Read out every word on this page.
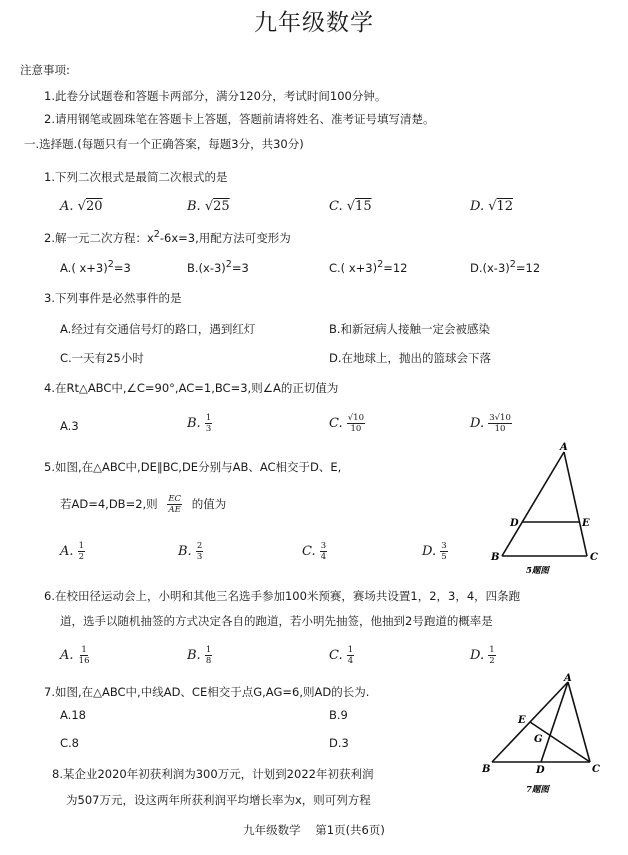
九年级数学
注意事项:
1.此卷分试题卷和答题卡两部分，满分120分，考试时间100分钟。
2.请用钢笔或圆珠笔在答题卡上答题，答题前请将姓名、准考证号填写清楚。
一.选择题.(每题只有一个正确答案，每题3分，共30分)
1.下列二次根式是最简二次根式的是
A. √20	B. √25	C. √15	D. √12
2.解一元二次方程：$x^2-6x=3$,用配方法可变形为
A.( x+3)$^2$=3	$B.(x-3)^2=3$	C.( x+3)$^2$=12	$D.(x-3)^2=12$
3.下列事件是必然事件的是
A.经过有交通信号灯的路口，遇到红灯	B.和新冠病人接触一定会被感染
C.一天有25小时	D.在地球上，抛出的篮球会下落
4.在Rt△ABC中,∠C=90°,AC=1,BC=3,则∠A的正切值为
A.3	B. $\frac{1}{3}$	C. $\frac{√10}{10}$	D. $\frac{3√10}{10}$
5.如图,在△ABC中,DE∥BC,DE分别与AB、AC相交于D、E,
若AD=4,DB=2,则 $\frac{EC}{AE}$ 的值为
A. $\frac{1}{2}$	B. $\frac{2}{3}$	C. $\frac{3}{4}$	D. $\frac{3}{5}$
A
B	C
D	E
5题图
6.在校田径运动会上，小明和其他三名选手参加100米预赛，赛场共设置1，2，3，4，四条跑
道，选手以随机抽签的方式决定各自的跑道，若小明先抽签，他抽到2号跑道的概率是
A. $\frac{1}{16}$	B. $\frac{1}{8}$	C. $\frac{1}{4}$	D. $\frac{1}{2}$
7.如图,在△ABC中,中线AD、CE相交于点G,AG=6,则AD的长为.
A.18	B.9
C.8	D.3
A
B	C
D
E
G
7题图
8.某企业2020年初获利润为300万元，计划到2022年初获利润
为507万元，设这两年所获利润平均增长率为x，则可列方程
九年级数学    第1页(共6页)
